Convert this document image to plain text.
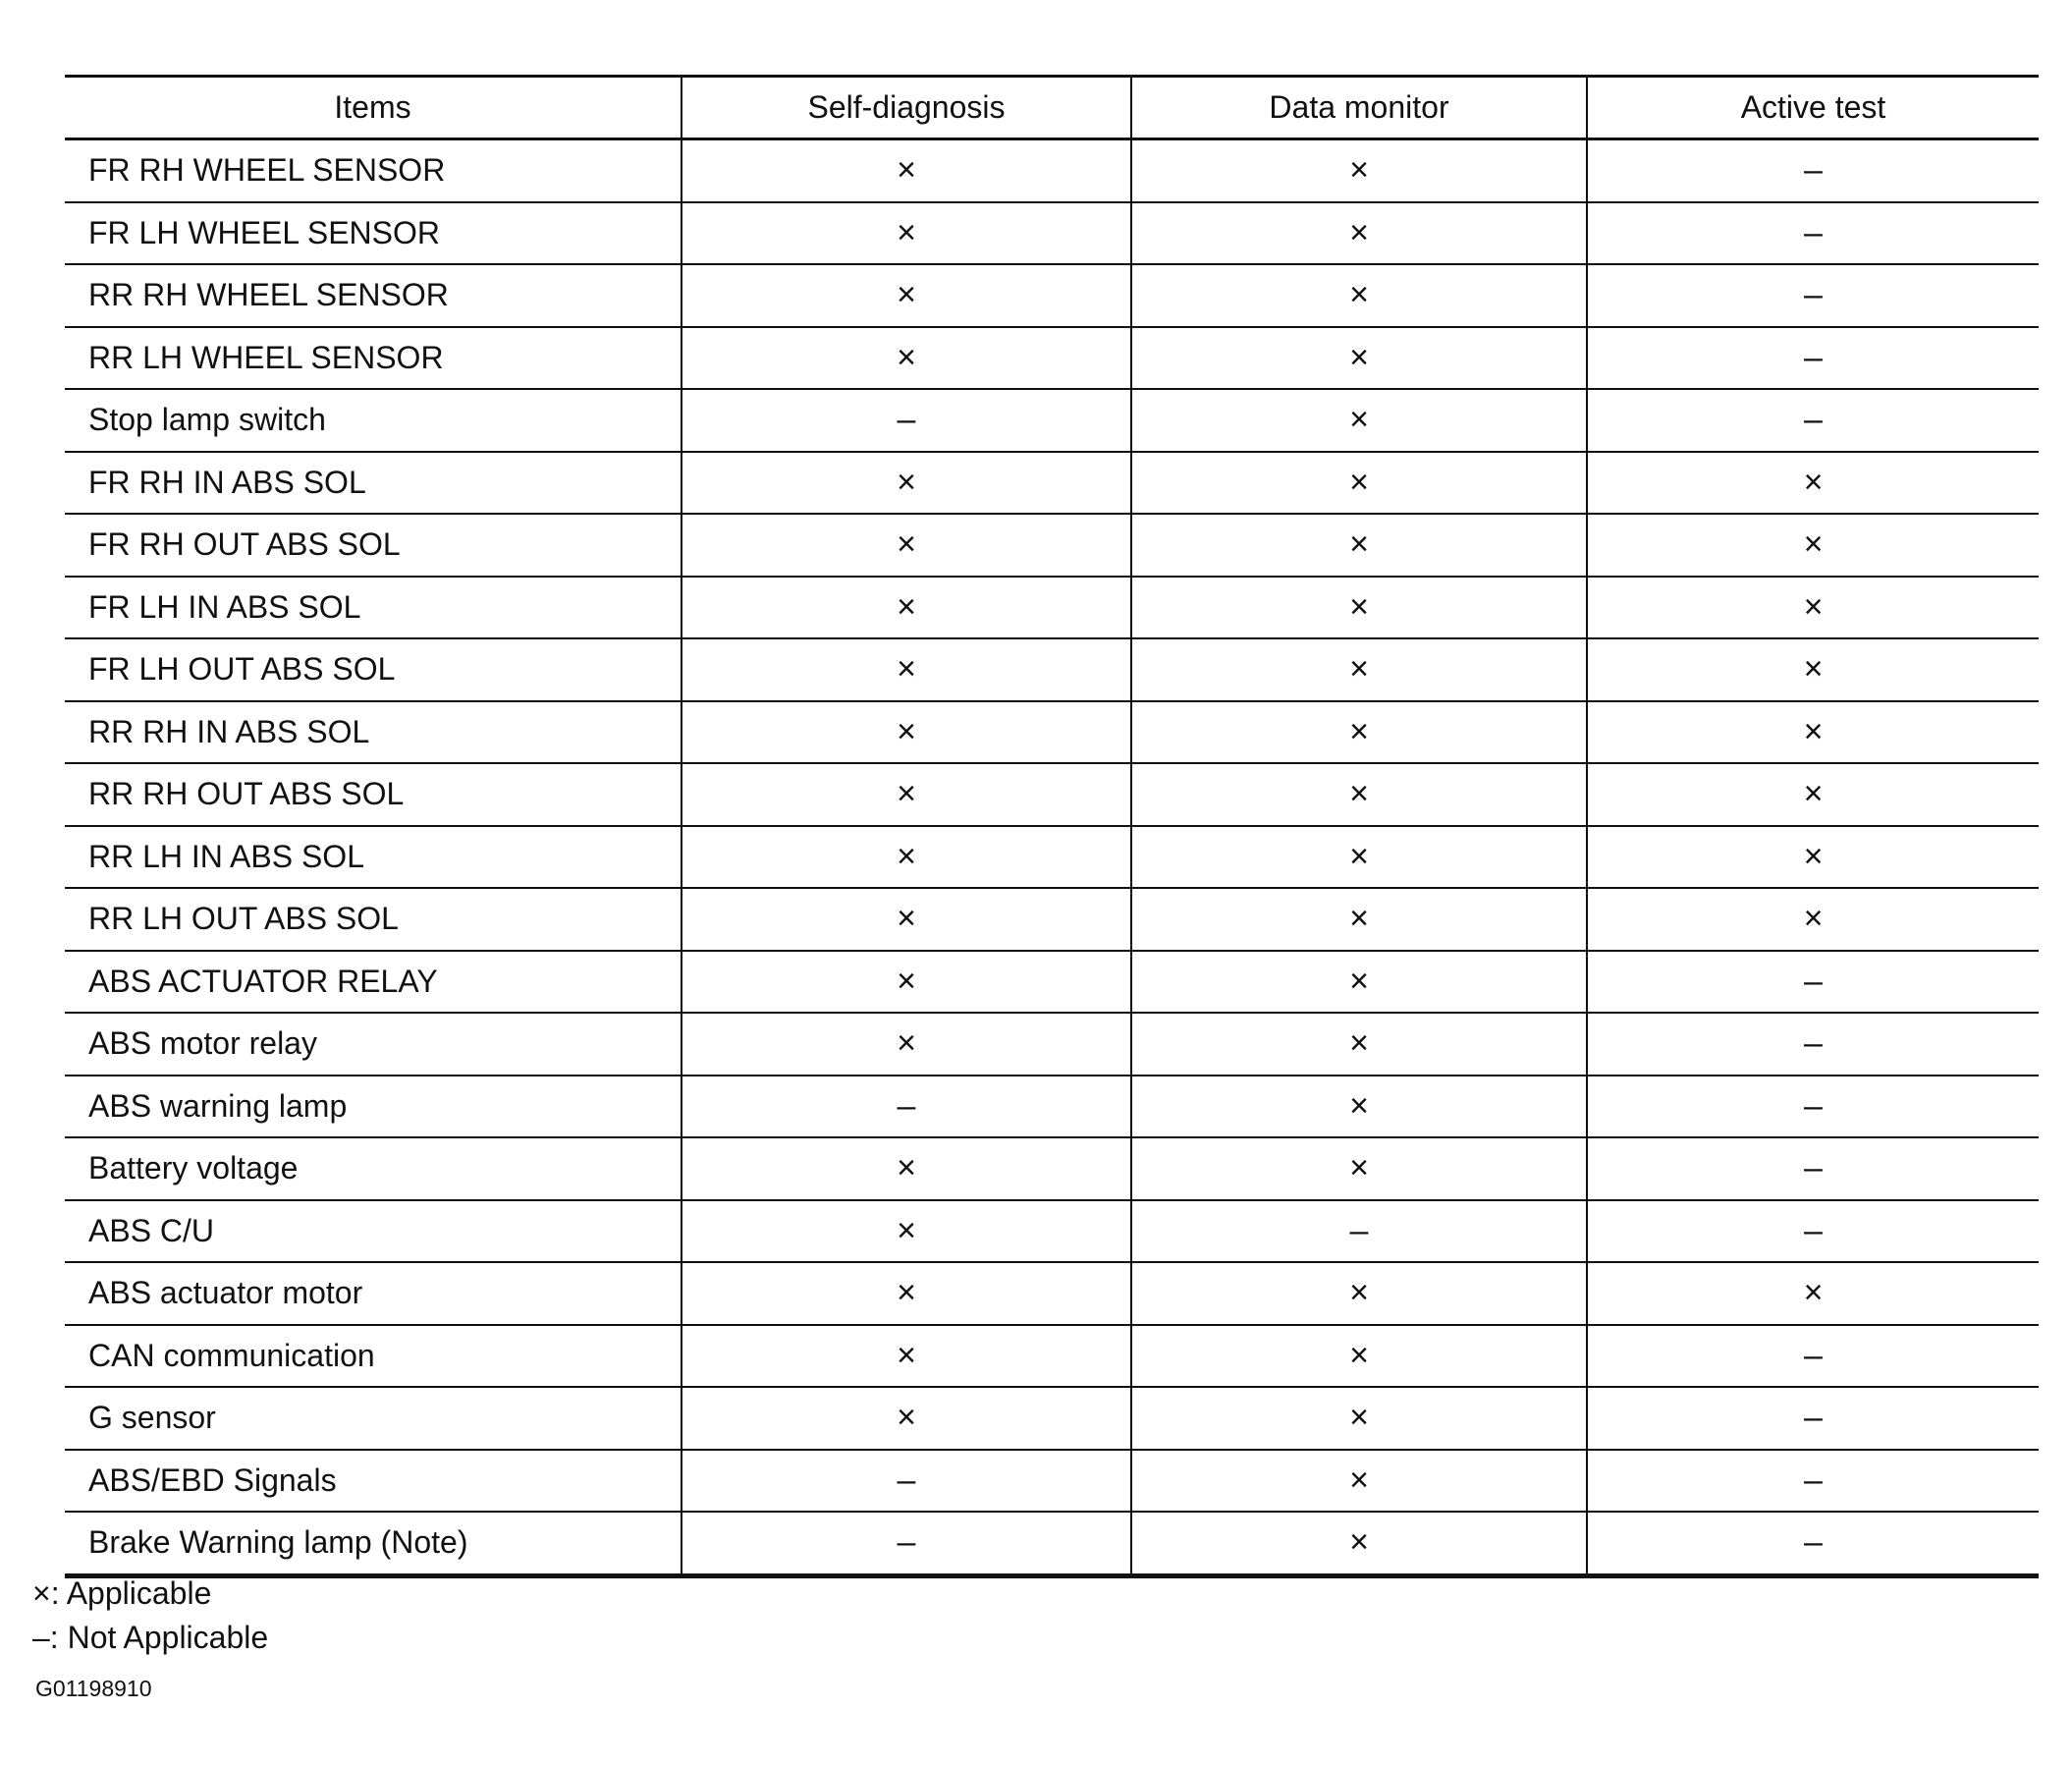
Items	Self-diagnosis	Data monitor	Active test
FR RH WHEEL SENSOR	×	×	–
FR LH WHEEL SENSOR	×	×	–
RR RH WHEEL SENSOR	×	×	–
RR LH WHEEL SENSOR	×	×	–
Stop lamp switch	–	×	–
FR RH IN ABS SOL	×	×	×
FR RH OUT ABS SOL	×	×	×
FR LH IN ABS SOL	×	×	×
FR LH OUT ABS SOL	×	×	×
RR RH IN ABS SOL	×	×	×
RR RH OUT ABS SOL	×	×	×
RR LH IN ABS SOL	×	×	×
RR LH OUT ABS SOL	×	×	×
ABS ACTUATOR RELAY	×	×	–
ABS motor relay	×	×	–
ABS warning lamp	–	×	–
Battery voltage	×	×	–
ABS C/U	×	–	–
ABS actuator motor	×	×	×
CAN communication	×	×	–
G sensor	×	×	–
ABS/EBD Signals	–	×	–
Brake Warning lamp (Note)	–	×	–
×: Applicable
–: Not Applicable
G01198910
